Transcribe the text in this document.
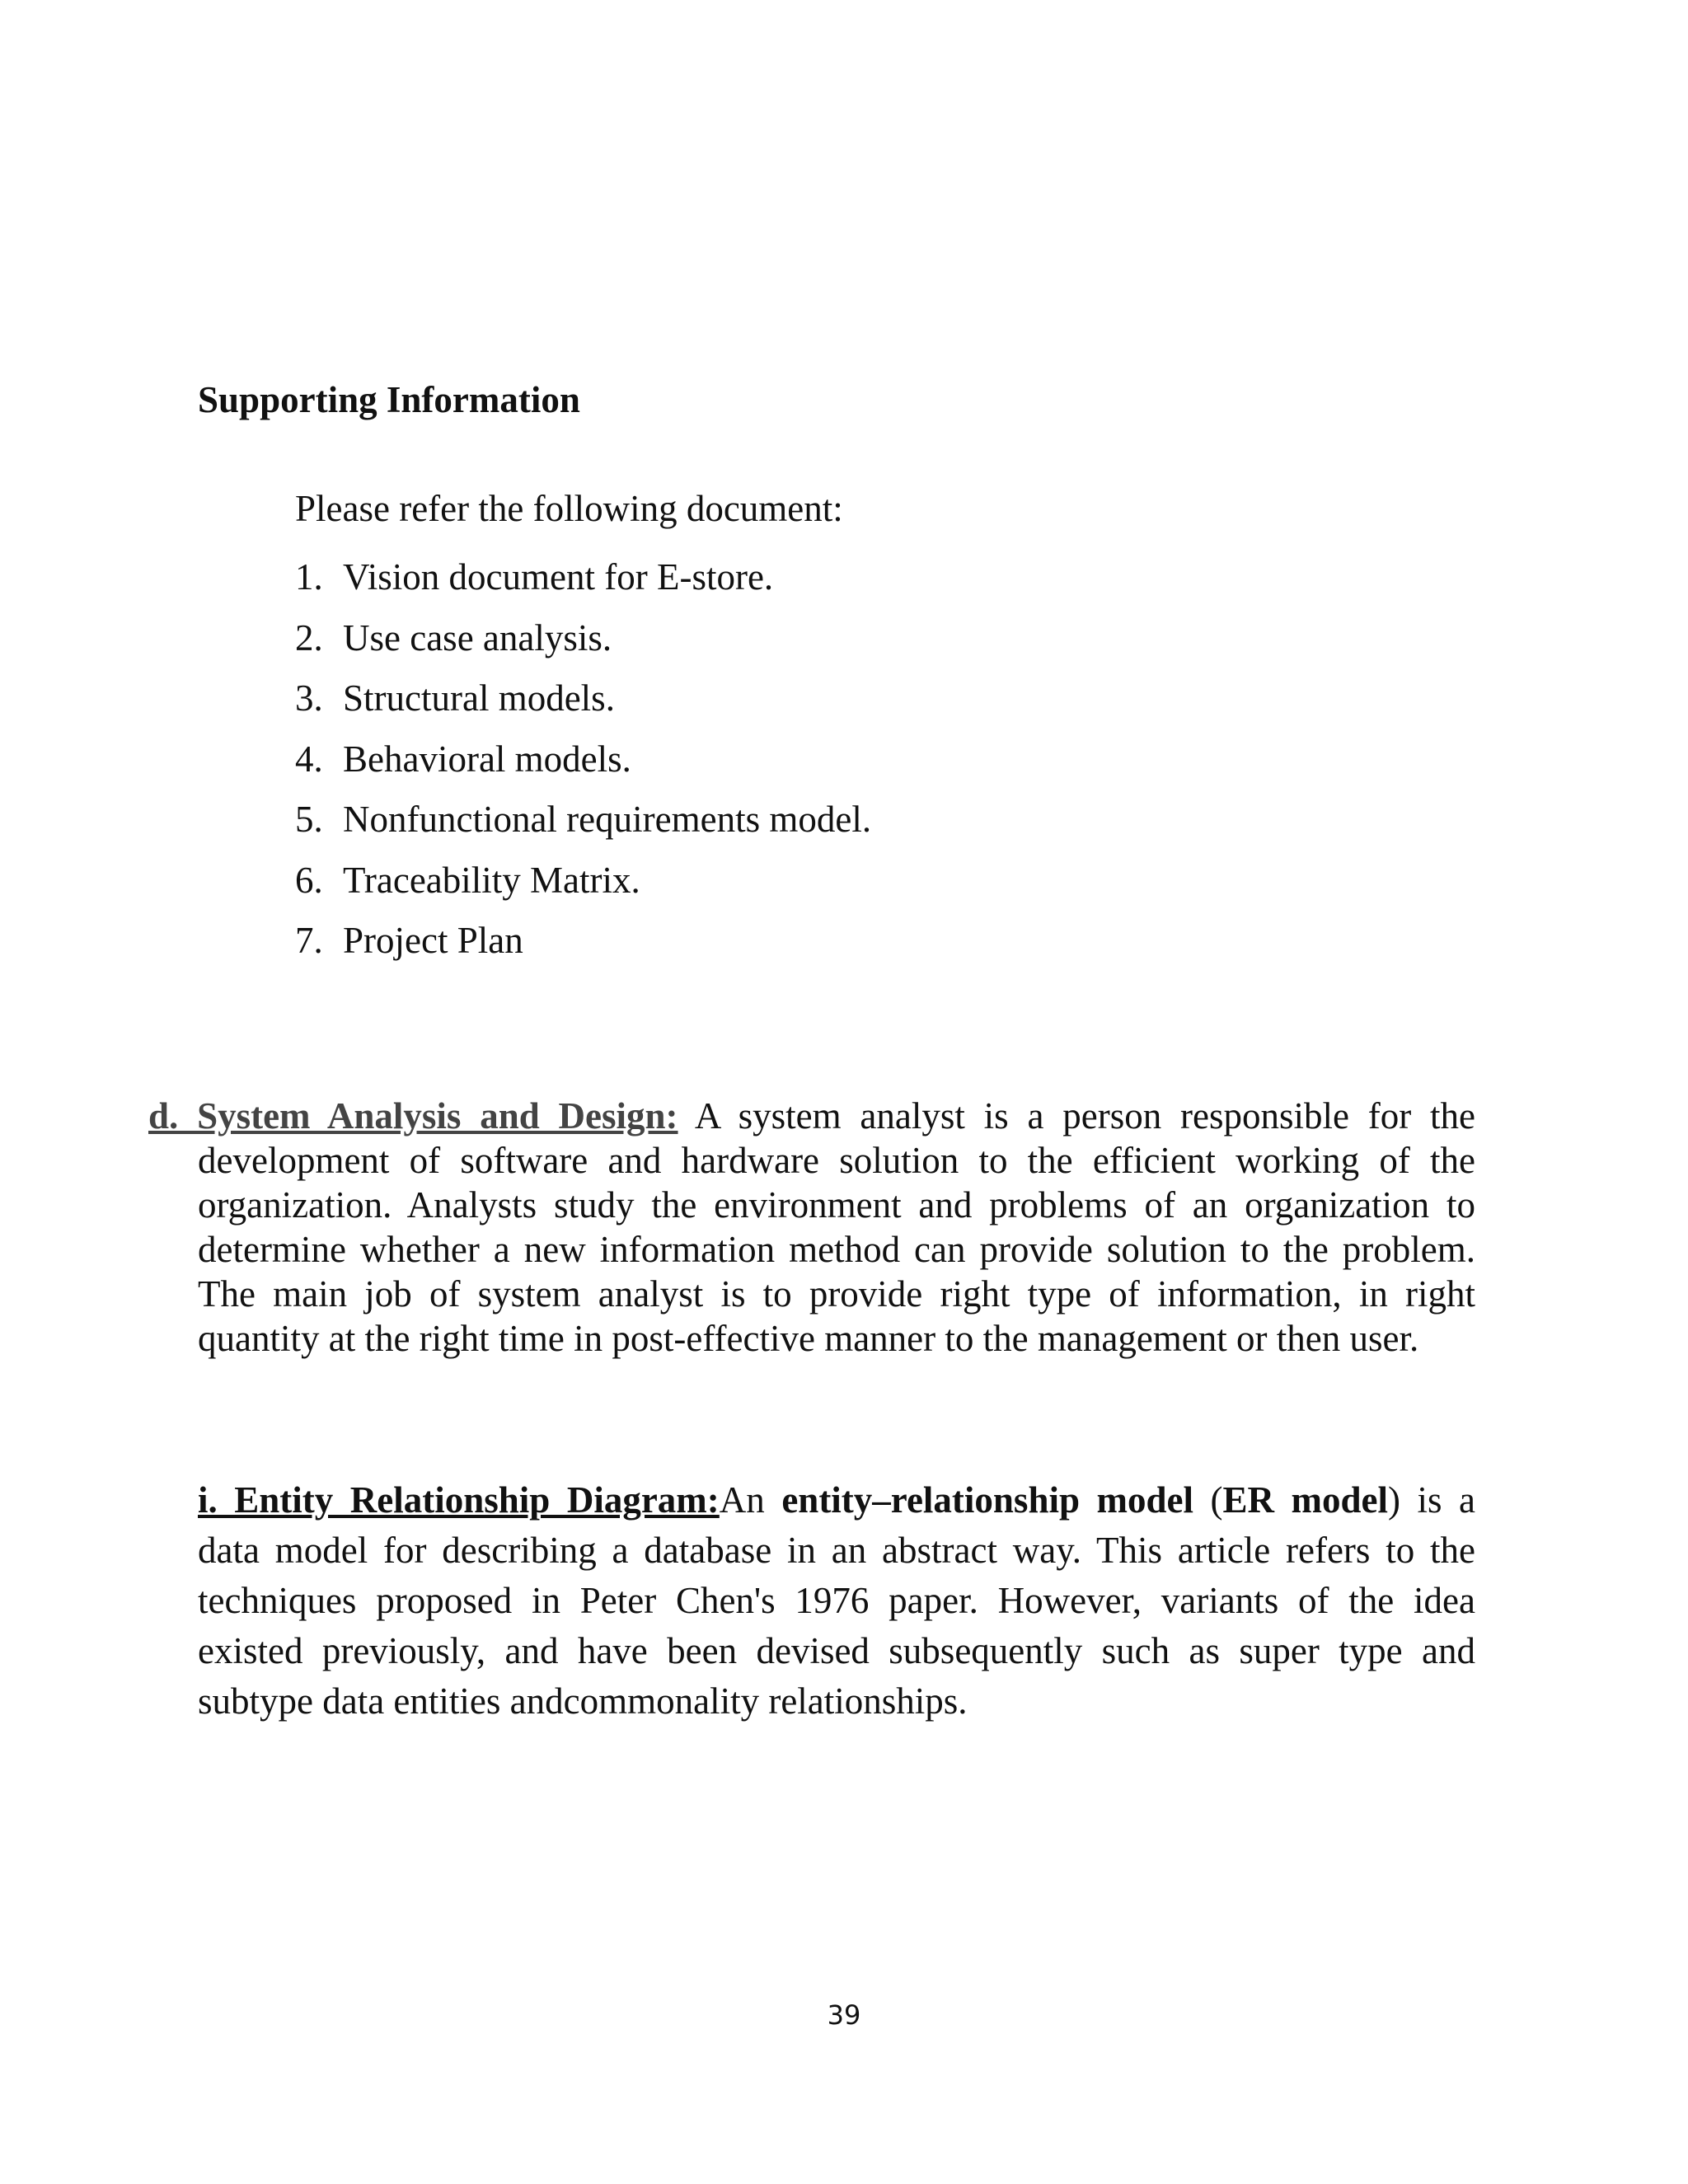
Supporting Information

Please refer the following document:

1. Vision document for E-store.
2. Use case analysis.
3. Structural models.
4. Behavioral models.
5. Nonfunctional requirements model.
6. Traceability Matrix.
7. Project Plan

d. System Analysis and Design: A system analyst is a person responsible for the development of software and hardware solution to the efficient working of the organization. Analysts study the environment and problems of an organization to determine whether a new information method can provide solution to the problem. The main job of system analyst is to provide right type of information, in right quantity at the right time in post-effective manner to the management or then user.

i. Entity Relationship Diagram:An entity–relationship model (ER model) is a data model for describing a database in an abstract way. This article refers to the techniques proposed in Peter Chen's 1976 paper. However, variants of the idea existed previously, and have been devised subsequently such as super type and subtype data entities andcommonality relationships.

39
